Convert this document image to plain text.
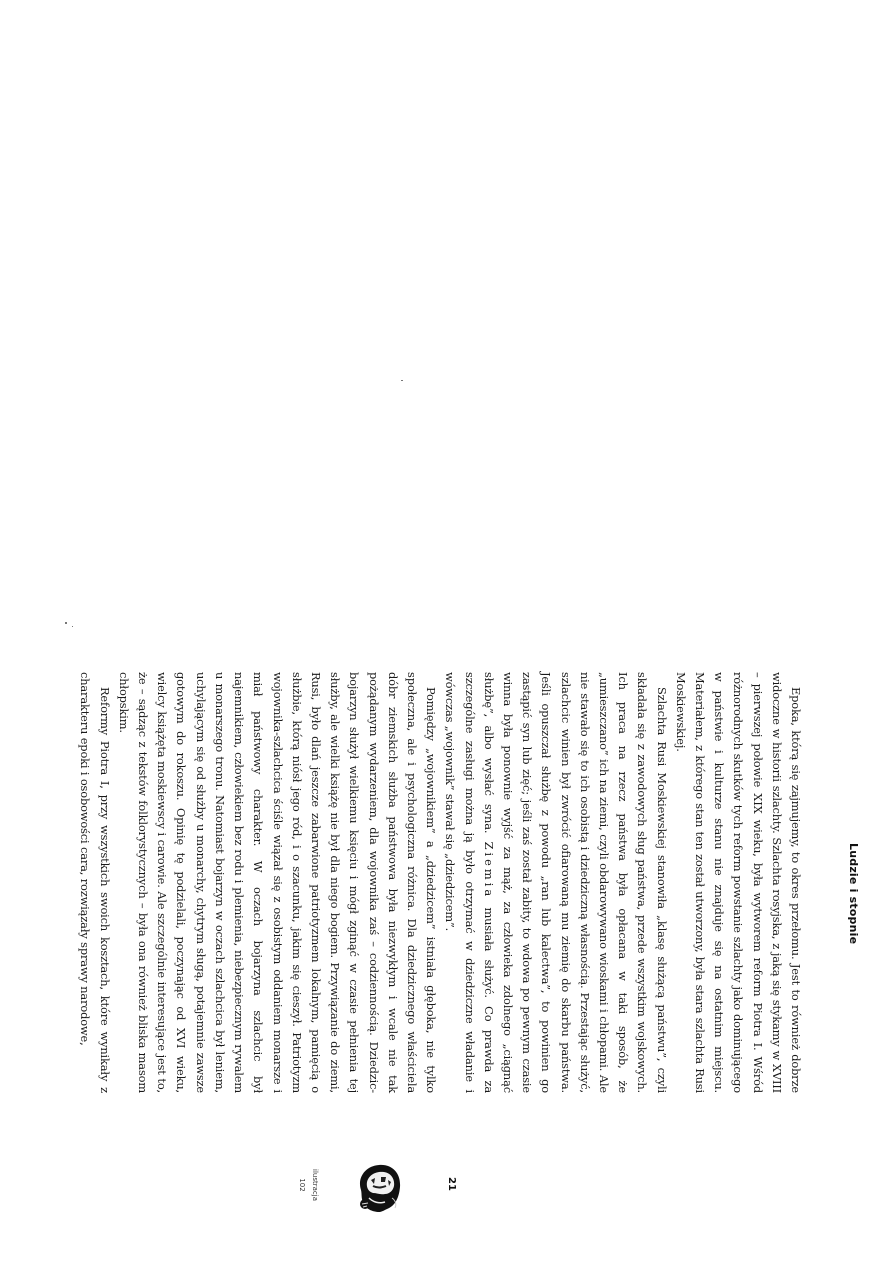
Ludzie i stopnie

Epoka, którą się zajmujemy, to okres przełomu. Jest to również dobrze widoczne w historii szlachty. Szlachta rosyjska, z jaką się stykamy w XVIII – pierwszej połowie XIX wieku, była wytworem reform Piotra I. Wśród różnorodnych skutków tych reform powstanie szlachty jako dominującego w państwie i kulturze stanu nie znajduje się na ostatnim miejscu. Materiałem, z którego stan ten został utworzony, była stara szlachta Rusi Moskiewskiej.

Szlachta Rusi Moskiewskiej stanowiła „klasę służącą państwu”, czyli składała się z zawodowych sług państwa, przede wszystkim wojskowych. Ich praca na rzecz państwa była opłacana w taki sposób, że „umieszczano” ich na ziemi, czyli obdarowywano wioskami i chłopami. Ale nie stawało się to ich osobistą i dziedziczną własnością. Przestając służyć, szlachcic winien był zwrócić ofiarowaną mu ziemię do skarbu państwa. Jeśli opuszczał służbę z powodu „ran lub kalectwa”, to powinien go zastąpić syn lub zięć; jeśli zaś został zabity, to wdowa po pewnym czasie winna była ponownie wyjść za mąż, za człowieka zdolnego „ciągnąć służbę”, albo wysłać syna. Ziemia musiała służyć. Co prawda za szczególne zasługi można ją było otrzymać w dziedziczne władanie i wówczas „wojownik” stawał się „dziedzicem”.

Pomiędzy „wojownikiem” a „dziedzicem” istniała głęboka, nie tylko społeczna, ale i psychologiczna różnica. Dla dziedzicznego właściciela dóbr ziemskich służba państwowa była niezwykłym i wcale nie tak pożądanym wydarzeniem, dla wojownika zaś – codziennością. Dziedzic-bojarzyn służył wielkiemu księciu i mógł zginąć w czasie pełnienia tej służby, ale wielki książę nie był dla niego bogiem. Przywiązanie do ziemi, Rusi, było dlań jeszcze zabarwione patriotyzmem lokalnym, pamięcią o służbie, którą niósł jego ród, i o szacunku, jakim się cieszył. Patriotyzm wojownika-szlachcica ściśle wiązał się z osobistym oddaniem monarsze i miał państwowy charakter. W oczach bojarzyna szlachcic był najemnikiem, człowiekiem bez rodu i plemienia, niebezpiecznym rywalem u monarszego tronu. Natomiast bojarzyn w oczach szlachcica był leniem, uchylającym się od służby u monarchy, chytrym sługą, potajemnie zawsze gotowym do rokoszu. Opinię tę podzielali, poczynając od XVI wieku, wielcy książęta moskiewscy i carowie. Ale szczególnie interesujące jest to, że – sądząc z tekstów folklorystycznych – była ona również bliska masom chłopskim.

Reformy Piotra I, przy wszystkich swoich kosztach, które wynikały z charakteru epoki i osobowości cara, rozwiązały sprawy narodowe,

21
ilustracja
102
